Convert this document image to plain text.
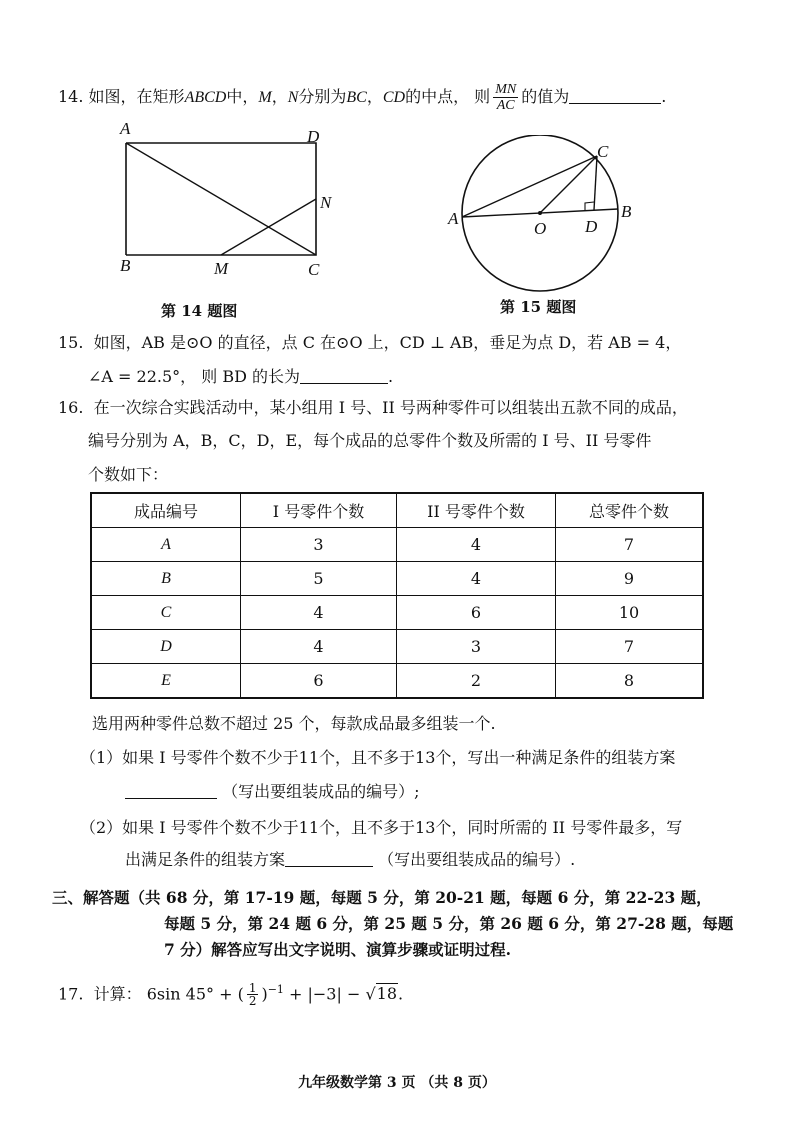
14. 如图，在矩形ABCD中，M，N分别为BC，CD的中点， 则 $\frac{MN}{AC}$ 的值为	.
A	D
N
B	M	C
第 14 题图
A
C
B
O D
第 15 题图
15. 如图，AB 是⊙O 的直径，点 C 在⊙O 上，CD ⊥ AB，垂足为点 D，若 AB = 4，
∠A = 22.5°， 则 BD 的长为	.
16. 在一次综合实践活动中，某小组用 I 号、II 号两种零件可以组装出五款不同的成品，
编号分别为 A，B，C，D，E，每个成品的总零件个数及所需的 I 号、II 号零件
个数如下：
成品编号	I 号零件个数	II 号零件个数	总零件个数
A	3	4	7
B	5	4	9
C	4	6	10
D	4	3	7
E	6	2	8
选用两种零件总数不超过 25 个，每款成品最多组装一个.
（1）如果 I 号零件个数不少于11个，且不多于13个，写出一种满足条件的组装方案
（写出要组装成品的编号）;
（2）如果 I 号零件个数不少于11个，且不多于13个，同时所需的 II 号零件最多，写
出满足条件的组装方案	（写出要组装成品的编号）.
三、解答题（共 68 分，第 17-19 题，每题 5 分，第 20-21 题，每题 6 分，第 22-23 题，
每题 5 分，第 24 题 6 分，第 25 题 5 分，第 26 题 6 分，第 27-28 题，每题
7 分）解答应写出文字说明、演算步骤或证明过程.
17. 计算： 6sin 45° + ( $\frac{1}{2} )^{-1} + |-3| - √18$.
九年级数学第 3 页 （共 8 页）
